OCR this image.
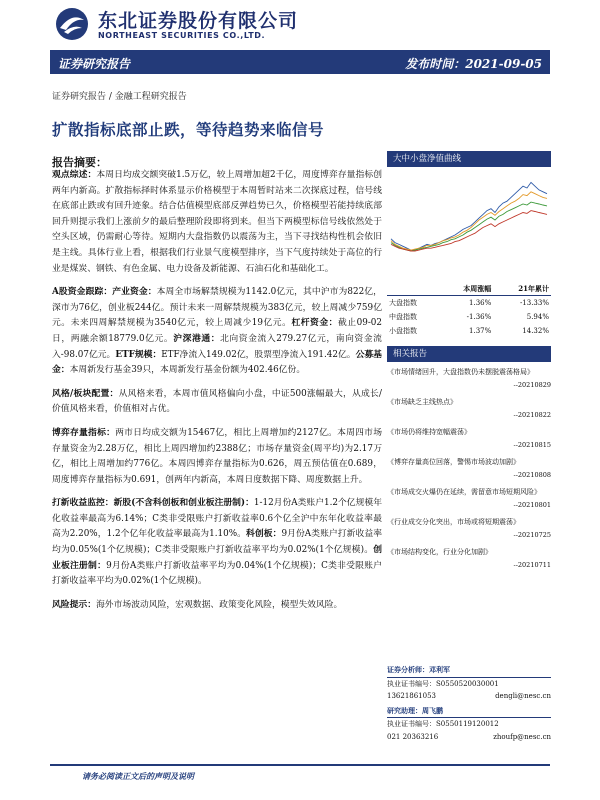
东北证券股份有限公司
NORTHEAST SECURITIES CO.,LTD.
证券研究报告	发布时间：2021-09-05
证券研究报告 / 金融工程研究报告
扩散指标底部止跌，等待趋势来临信号
报告摘要：

观点综述：本周日均成交额突破1.5万亿，较上周增加超2千亿，周度博弈存量指标创两年内新高。扩散指标择时体系显示价格模型于本周暂时站来二次探底过程，信号线在底部止跌或有回升迹象。结合估值模型底部反弹趋势已久，价格模型若能持续底部回升则提示我们上涨前夕的最后整理阶段即将到来。但当下两模型标信号线依然处于空头区域，仍需耐心等待。短期内大盘指数仍以震荡为主，当下寻找结构性机会依旧是主线。具体行业上看，根据我们行业景气度模型排序，当下气度持续处于高位的行业是煤炭、钢铁、有色金属、电力设备及新能源、石油石化和基础化工。

A股资金跟踪：产业资金：本周全市场解禁规模为1142.0亿元，其中沪市为822亿，深市为76亿，创业板244亿。预计未来一周解禁规模为383亿元，较上周减少759亿元。未来四周解禁规模为3540亿元，较上周减少19亿元。杠杆资金：截止09-02日，两融余额18779.0亿元。沪深港通：北向资金流入279.27亿元，南向资金流入-98.07亿元。ETF规模：ETF净流入149.02亿，股票型净流入191.42亿。公募基金：本周新发行基金39只，本周新发行基金份额为402.46亿份。

风格/板块配置：从风格来看，本周市值风格偏向小盘，中证500涨幅最大，从成长/价值风格来看，价值相对占优。

博弈存量指标：两市日均成交额为15467亿，相比上周增加约2127亿。本周四市场存量资金为2.28万亿，相比上周四增加约2388亿；市场存量资金(周平均)为2.17万亿，相比上周增加约776亿。本周四博弈存量指标为0.626，周五预估值在0.689，周度博弈存量指标为0.691，创两年内新高，本周日度数据下降、周度数据上升。

打新收益监控：新股(不含科创板和创业板注册制)：1-12月份A类账户1.2个亿规模年化收益率最高为6.14%；C类非受限账户打新收益率0.6个亿全沪中东年化收益率最高为2.20%，1.2个亿年化收益率最高为1.10%。科创板：9月份A类账户打新收益率均为0.05%(1个亿规模)；C类非受限账户打新收益率平均为0.02%(1个亿规模)。创业板注册制：9月份A类账户打新收益率平均为0.04%(1个亿规模)；C类非受限账户打新收益率平均为0.02%(1个亿规模)。

风险提示：海外市场波动风险，宏观数据、政策变化风险，模型失效风险。

大中小盘净值曲线
	本周涨幅	21年累计
大盘指数	1.36%	-13.33%
中盘指数	-1.36%	5.94%
小盘指数	1.37%	14.32%
相关报告
《市场情绪回升，大盘指数仍未摆脱震荡格局》
--20210829
《市场缺乏主线热点》
--20210822
《市场仍将维持宽幅震荡》
--20210815
《博弈存量高位回落，警惕市场波动加剧》
--20210808
《市场成交火爆仍在延续，需留意市场短期风险》
--20210801
《行业成交分化突出，市场或将短期震荡》
--20210725
《市场结构变化，行业分化加剧》
--20210711
证券分析师：邓利军
执业证书编号：S0550520030001
13621861053	dengli@nesc.cn
研究助理：周飞鹏
执业证书编号：S0550119120012
021 20363216	zhoufp@nesc.cn
请务必阅读正文后的声明及说明
